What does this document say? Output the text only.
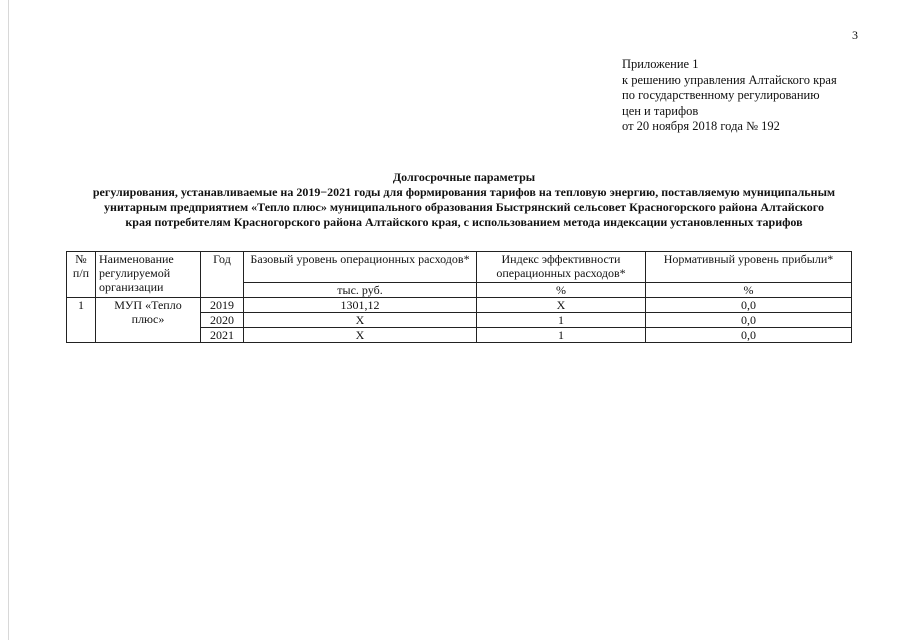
3
Приложение 1
к решению управления Алтайского края
по государственному регулированию
цен и тарифов
от 20 ноября 2018 года № 192
Долгосрочные параметры
регулирования, устанавливаемые на 2019−2021 годы для формирования тарифов на тепловую энергию, поставляемую муниципальным
унитарным предприятием «Тепло плюс» муниципального образования Быстрянский сельсовет Красногорского района Алтайского
края потребителям Красногорского района Алтайского края, с использованием метода индексации установленных тарифов
№ п/п	Наименование регулируемой организации	Год	Базовый уровень операционных расходов*	Индекс эффективности операционных расходов*	Нормативный уровень прибыли*
			тыс. руб.	%	%
1	МУП «Тепло плюс»	2019	1301,12	Х	0,0
		2020	Х	1	0,0
		2021	Х	1	0,0
